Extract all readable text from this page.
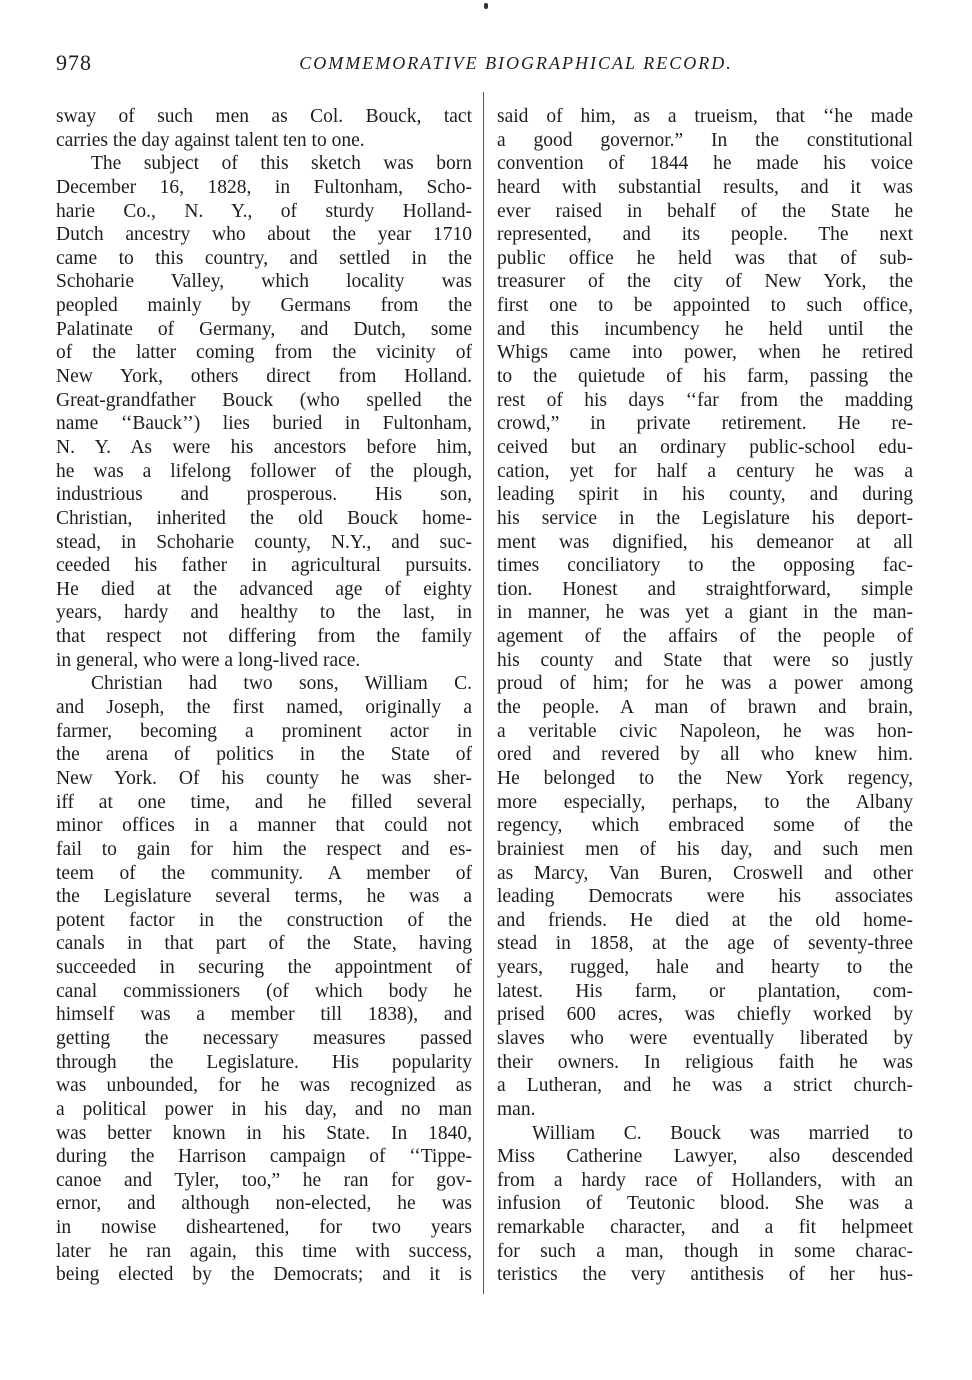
978	COMMEMORATIVE BIOGRAPHICAL RECORD.
sway of such men as Col. Bouck, tact
carries the day against talent ten to one.
The subject of this sketch was born
December 16, 1828, in Fultonham, Scho-
harie Co., N. Y., of sturdy Holland-
Dutch ancestry who about the year 1710
came to this country, and settled in the
Schoharie Valley, which locality was
peopled mainly by Germans from the
Palatinate of Germany, and Dutch, some
of the latter coming from the vicinity of
New York, others direct from Holland.
Great-grandfather Bouck (who spelled the
name ‘‘Bauck’’) lies buried in Fultonham,
N. Y. As were his ancestors before him,
he was a lifelong follower of the plough,
industrious and prosperous. His son,
Christian, inherited the old Bouck home-
stead, in Schoharie county, N.Y., and suc-
ceeded his father in agricultural pursuits.
He died at the advanced age of eighty
years, hardy and healthy to the last, in
that respect not differing from the family
in general, who were a long-lived race.
Christian had two sons, William C.
and Joseph, the first named, originally a
farmer, becoming a prominent actor in
the arena of politics in the State of
New York. Of his county he was sher-
iff at one time, and he filled several
minor offices in a manner that could not
fail to gain for him the respect and es-
teem of the community. A member of
the Legislature several terms, he was a
potent factor in the construction of the
canals in that part of the State, having
succeeded in securing the appointment of
canal commissioners (of which body he
himself was a member till 1838), and
getting the necessary measures passed
through the Legislature. His popularity
was unbounded, for he was recognized as
a political power in his day, and no man
was better known in his State. In 1840,
during the Harrison campaign of ‘‘Tippe-
canoe and Tyler, too,” he ran for gov-
ernor, and although non-elected, he was
in nowise disheartened, for two years
later he ran again, this time with success,
being elected by the Democrats; and it is
said of him, as a trueism, that ‘‘he made
a good governor.” In the constitutional
convention of 1844 he made his voice
heard with substantial results, and it was
ever raised in behalf of the State he
represented, and its people. The next
public office he held was that of sub-
treasurer of the city of New York, the
first one to be appointed to such office,
and this incumbency he held until the
Whigs came into power, when he retired
to the quietude of his farm, passing the
rest of his days ‘‘far from the madding
crowd,” in private retirement. He re-
ceived but an ordinary public-school edu-
cation, yet for half a century he was a
leading spirit in his county, and during
his service in the Legislature his deport-
ment was dignified, his demeanor at all
times conciliatory to the opposing fac-
tion. Honest and straightforward, simple
in manner, he was yet a giant in the man-
agement of the affairs of the people of
his county and State that were so justly
proud of him; for he was a power among
the people. A man of brawn and brain,
a veritable civic Napoleon, he was hon-
ored and revered by all who knew him.
He belonged to the New York regency,
more especially, perhaps, to the Albany
regency, which embraced some of the
brainiest men of his day, and such men
as Marcy, Van Buren, Croswell and other
leading Democrats were his associates
and friends. He died at the old home-
stead in 1858, at the age of seventy-three
years, rugged, hale and hearty to the
latest. His farm, or plantation, com-
prised 600 acres, was chiefly worked by
slaves who were eventually liberated by
their owners. In religious faith he was
a Lutheran, and he was a strict church-
man.
William C. Bouck was married to
Miss Catherine Lawyer, also descended
from a hardy race of Hollanders, with an
infusion of Teutonic blood. She was a
remarkable character, and a fit helpmeet
for such a man, though in some charac-
teristics the very antithesis of her hus-
